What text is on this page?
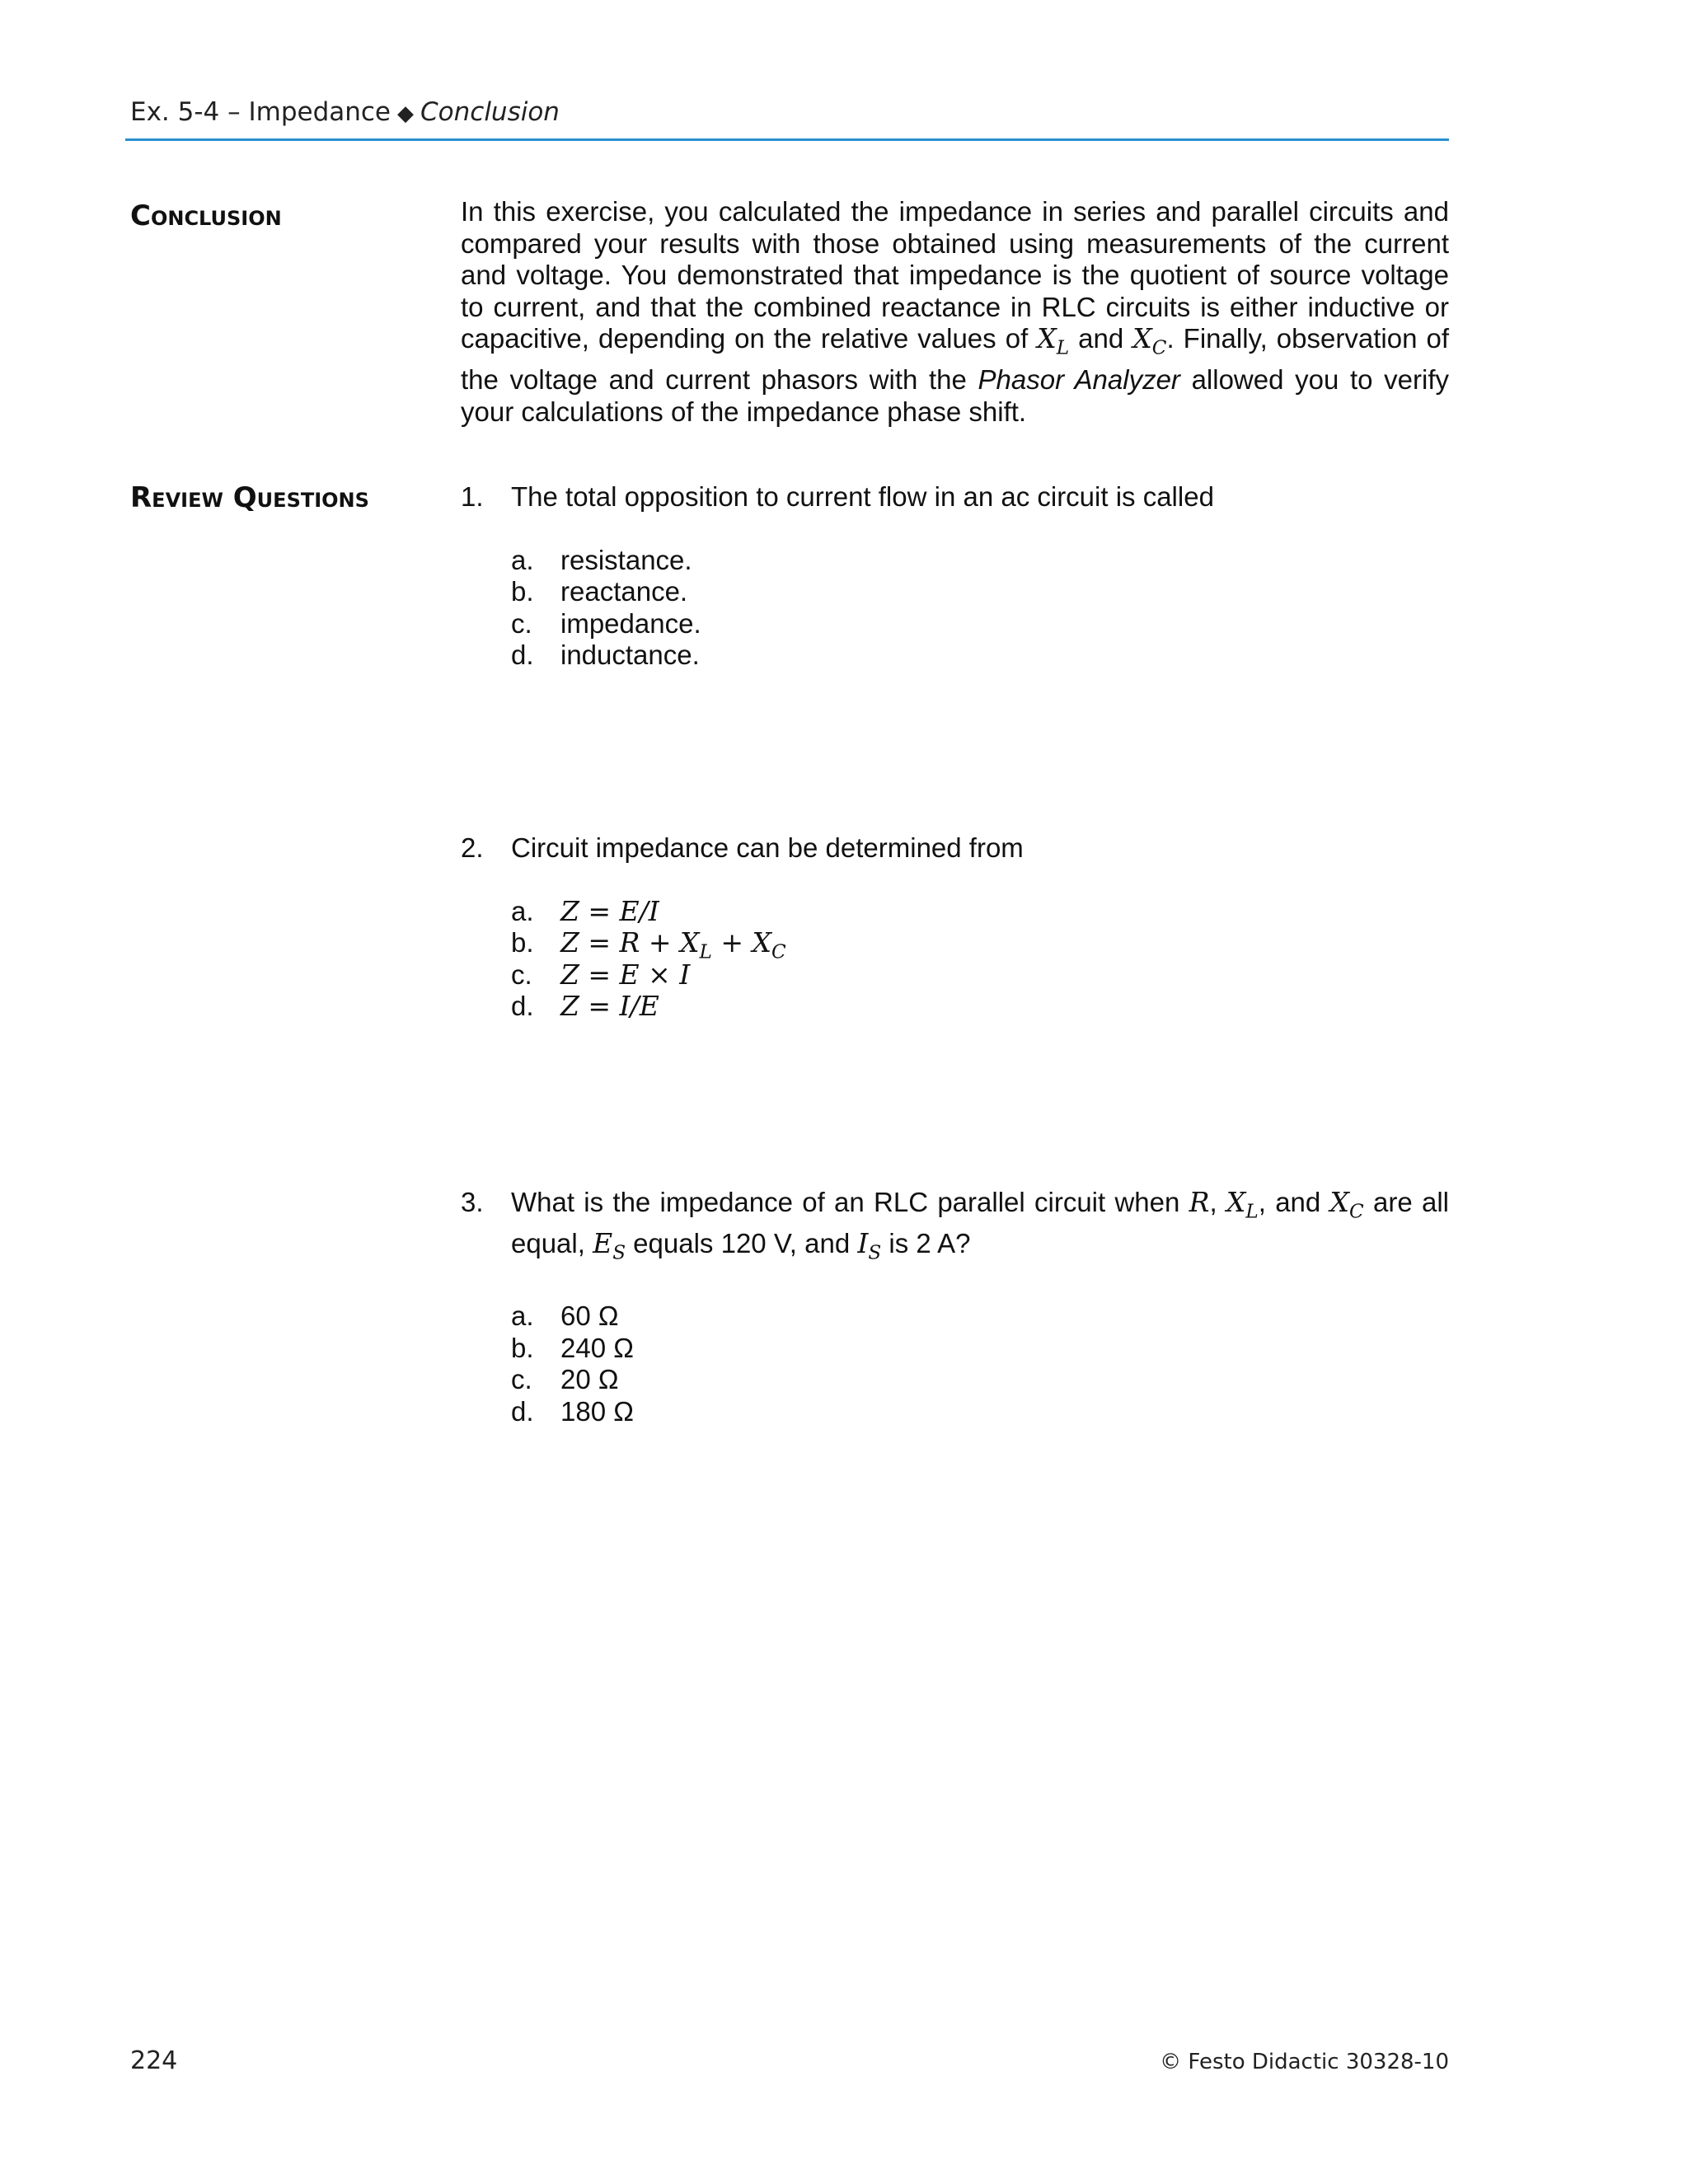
Ex. 5-4 – Impedance ◆ Conclusion
Conclusion	In this exercise, you calculated the impedance in series and parallel circuits and compared your results with those obtained using measurements of the current and voltage. You demonstrated that impedance is the quotient of source voltage to current, and that the combined reactance in RLC circuits is either inductive or capacitive, depending on the relative values of $X_L$ and $X_C$. Finally, observation of the voltage and current phasors with the Phasor Analyzer allowed you to verify your calculations of the impedance phase shift.
Review Questions	1. The total opposition to current flow in an ac circuit is called
a. resistance.
b. reactance.
c.	impedance.
d. inductance.
2. Circuit impedance can be determined from
a. Z = E/I
b. $Z = R + X_L + X_C$
c.	Z = E × I
d. Z = I/E
3. What is the impedance of an RLC parallel circuit when R, $X_L$, and $X_C$ are all equal, $E_S$ equals 120 V, and $I_S$ is 2 A?
a. 60 Ω
b. 240 Ω
c.	20 Ω
d. 180 Ω
224	© Festo Didactic 30328-10
